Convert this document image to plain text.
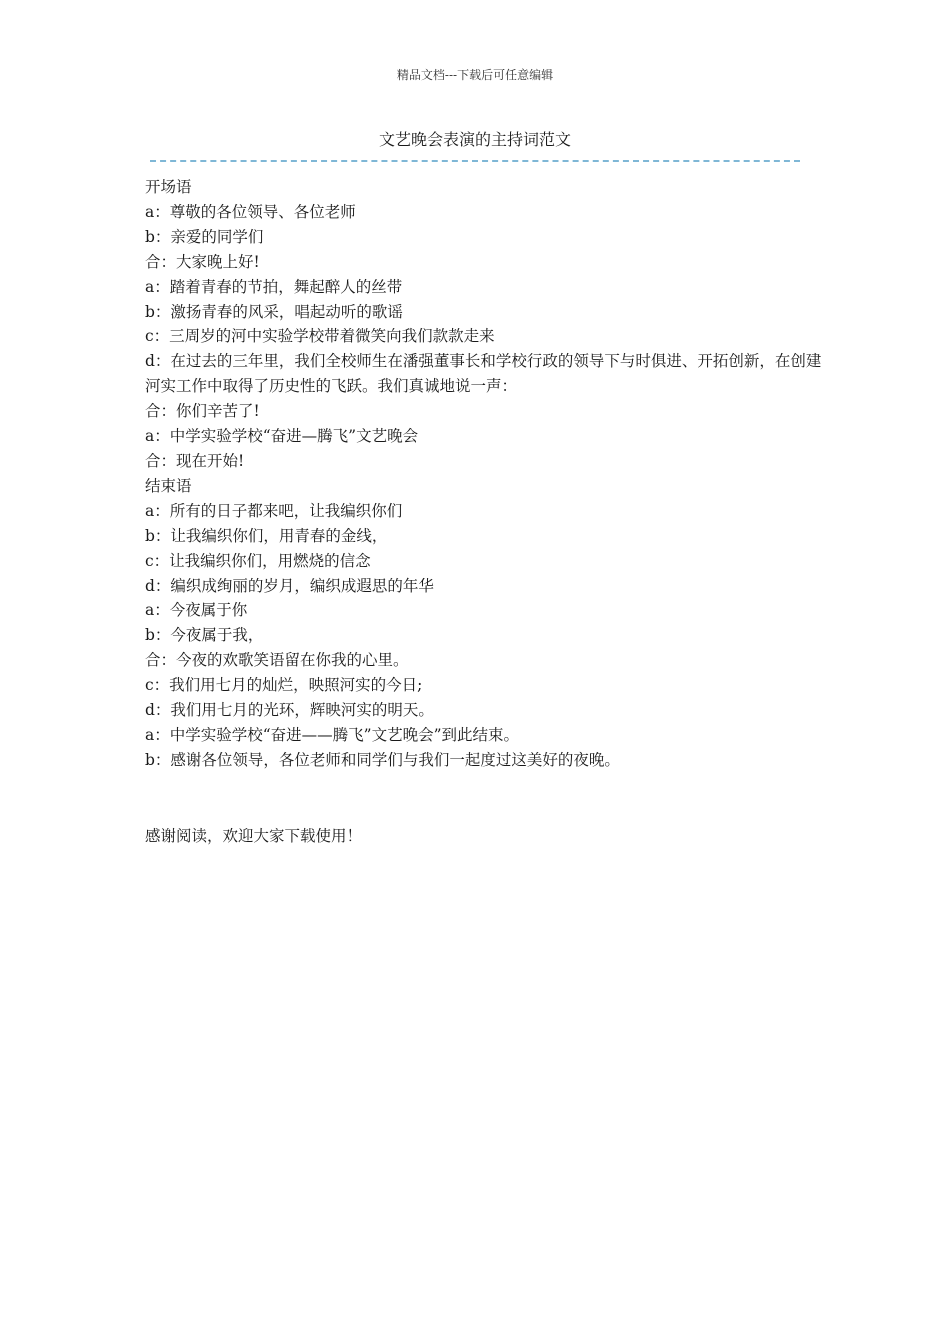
精品文档---下载后可任意编辑
文艺晚会表演的主持词范文
开场语
a：尊敬的各位领导、各位老师
b：亲爱的同学们
合：大家晚上好!
a：踏着青春的节拍，舞起醉人的丝带
b：激扬青春的风采，唱起动听的歌谣
c：三周岁的河中实验学校带着微笑向我们款款走来
d：在过去的三年里，我们全校师生在潘强董事长和学校行政的领导下与时俱进、开拓创新，在创建河实工作中取得了历史性的飞跃。我们真诚地说一声：
合：你们辛苦了!
a：中学实验学校“奋进—腾飞”文艺晚会
合：现在开始!
结束语
a：所有的日子都来吧，让我编织你们
b：让我编织你们，用青春的金线，
c：让我编织你们，用燃烧的信念
d：编织成绚丽的岁月，编织成遐思的年华
a：今夜属于你
b：今夜属于我，
合：今夜的欢歌笑语留在你我的心里。
c：我们用七月的灿烂，映照河实的今日;
d：我们用七月的光环，辉映河实的明天。
a：中学实验学校“奋进——腾飞”文艺晚会”到此结束。
b：感谢各位领导，各位老师和同学们与我们一起度过这美好的夜晚。
感谢阅读，欢迎大家下载使用！
